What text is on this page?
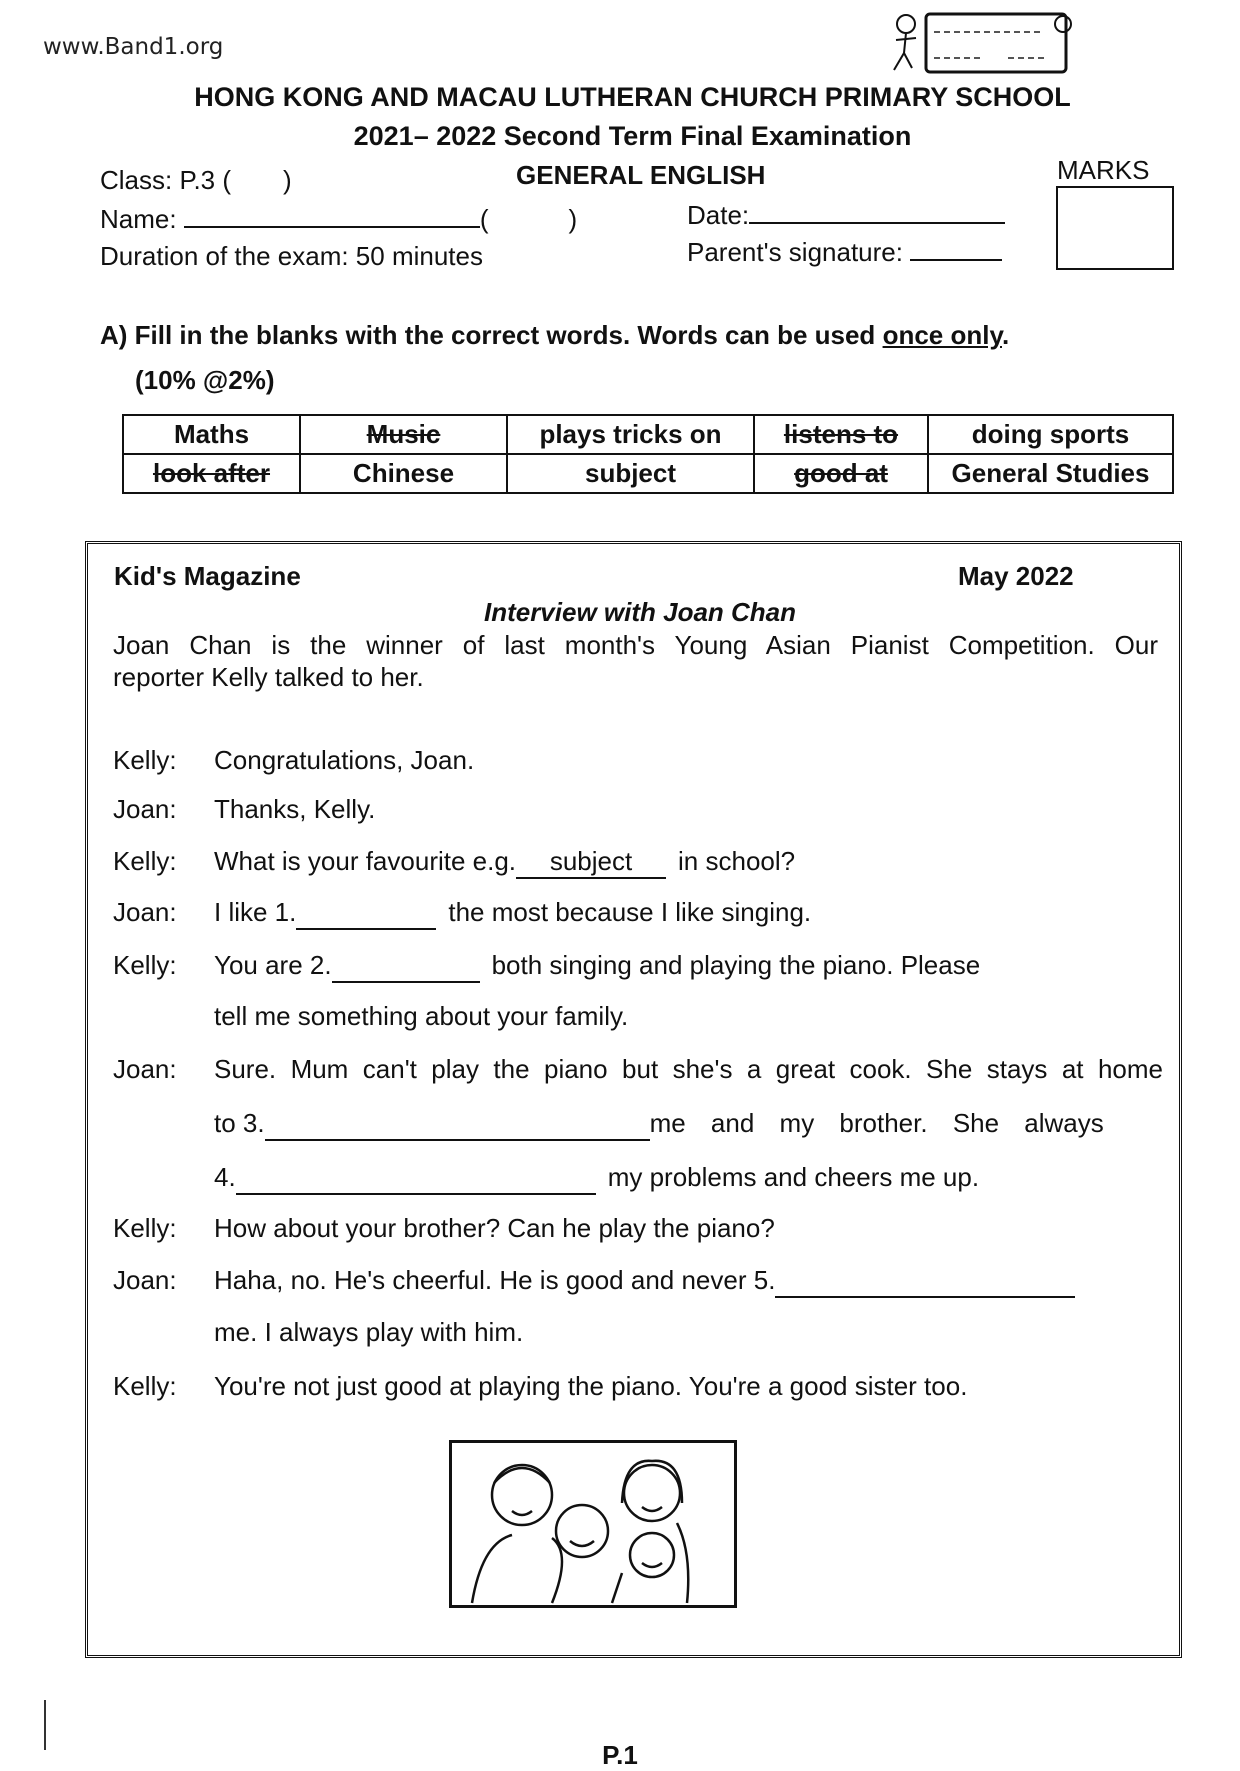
www.Band1.org
HONG KONG AND MACAU LUTHERAN CHURCH PRIMARY SCHOOL
2021– 2022 Second Term Final Examination
Class: P.3 ( )	GENERAL ENGLISH	MARKS
Name:	(	)	Date:
Duration of the exam: 50 minutes	Parent's signature:
A) Fill in the blanks with the correct words. Words can be used once only.
(10% @2%)
Maths	Music	plays tricks on	listens to	doing sports
look after	Chinese	subject	good at	General Studies
Kid's Magazine	May 2022
Interview with Joan Chan
Joan Chan is the winner of last month's Young Asian Pianist Competition. Our
reporter Kelly talked to her.
Kelly: Congratulations, Joan.
Joan: Thanks, Kelly.
Kelly: What is your favourite e.g. subject in school?
Joan: I like 1.	the most because I like singing.
Kelly: You are 2.	both singing and playing the piano. Please
tell me something about your family.
Joan: Sure. Mum can't play the piano but she's a great cook. She stays at home
to 3.	me and my brother. She always
4.	my problems and cheers me up.
Kelly: How about your brother? Can he play the piano?
Joan: Haha, no. He's cheerful. He is good and never 5.
me. I always play with him.
Kelly: You're not just good at playing the piano. You're a good sister too.
P.1
